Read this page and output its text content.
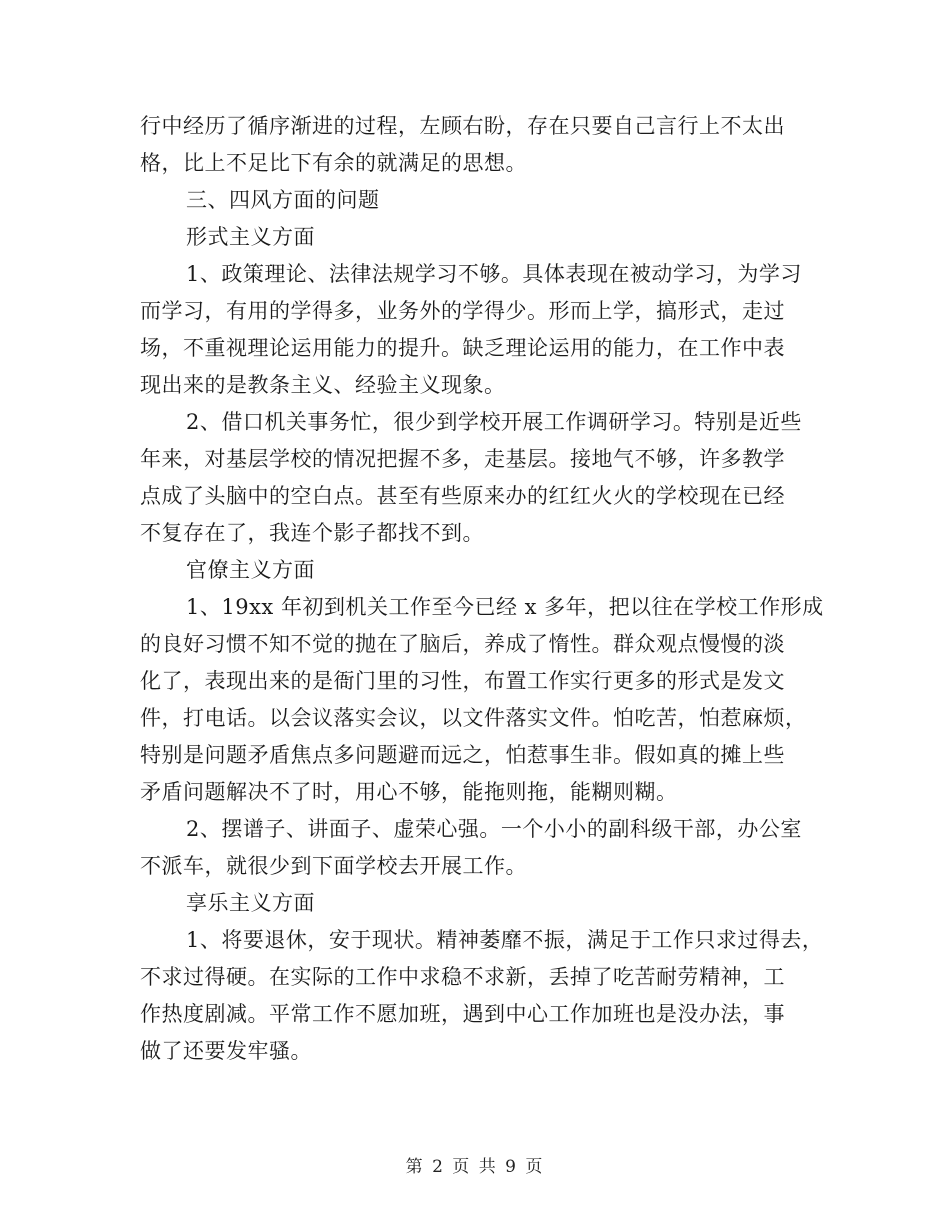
行中经历了循序渐进的过程，左顾右盼，存在只要自己言行上不太出
格，比上不足比下有余的就满足的思想。
三、四风方面的问题
形式主义方面
1、政策理论、法律法规学习不够。具体表现在被动学习，为学习
而学习，有用的学得多，业务外的学得少。形而上学，搞形式，走过
场，不重视理论运用能力的提升。缺乏理论运用的能力，在工作中表
现出来的是教条主义、经验主义现象。
2、借口机关事务忙，很少到学校开展工作调研学习。特别是近些
年来，对基层学校的情况把握不多，走基层。接地气不够，许多教学
点成了头脑中的空白点。甚至有些原来办的红红火火的学校现在已经
不复存在了，我连个影子都找不到。
官僚主义方面
1、19xx 年初到机关工作至今已经 x 多年，把以往在学校工作形成
的良好习惯不知不觉的抛在了脑后，养成了惰性。群众观点慢慢的淡
化了，表现出来的是衙门里的习性，布置工作实行更多的形式是发文
件，打电话。以会议落实会议，以文件落实文件。怕吃苦，怕惹麻烦，
特别是问题矛盾焦点多问题避而远之，怕惹事生非。假如真的摊上些
矛盾问题解决不了时，用心不够，能拖则拖，能糊则糊。
2、摆谱子、讲面子、虚荣心强。一个小小的副科级干部，办公室
不派车，就很少到下面学校去开展工作。
享乐主义方面
1、将要退休，安于现状。精神萎靡不振，满足于工作只求过得去，
不求过得硬。在实际的工作中求稳不求新，丢掉了吃苦耐劳精神，工
作热度剧减。平常工作不愿加班，遇到中心工作加班也是没办法，事
做了还要发牢骚。
第 2 页 共 9 页
